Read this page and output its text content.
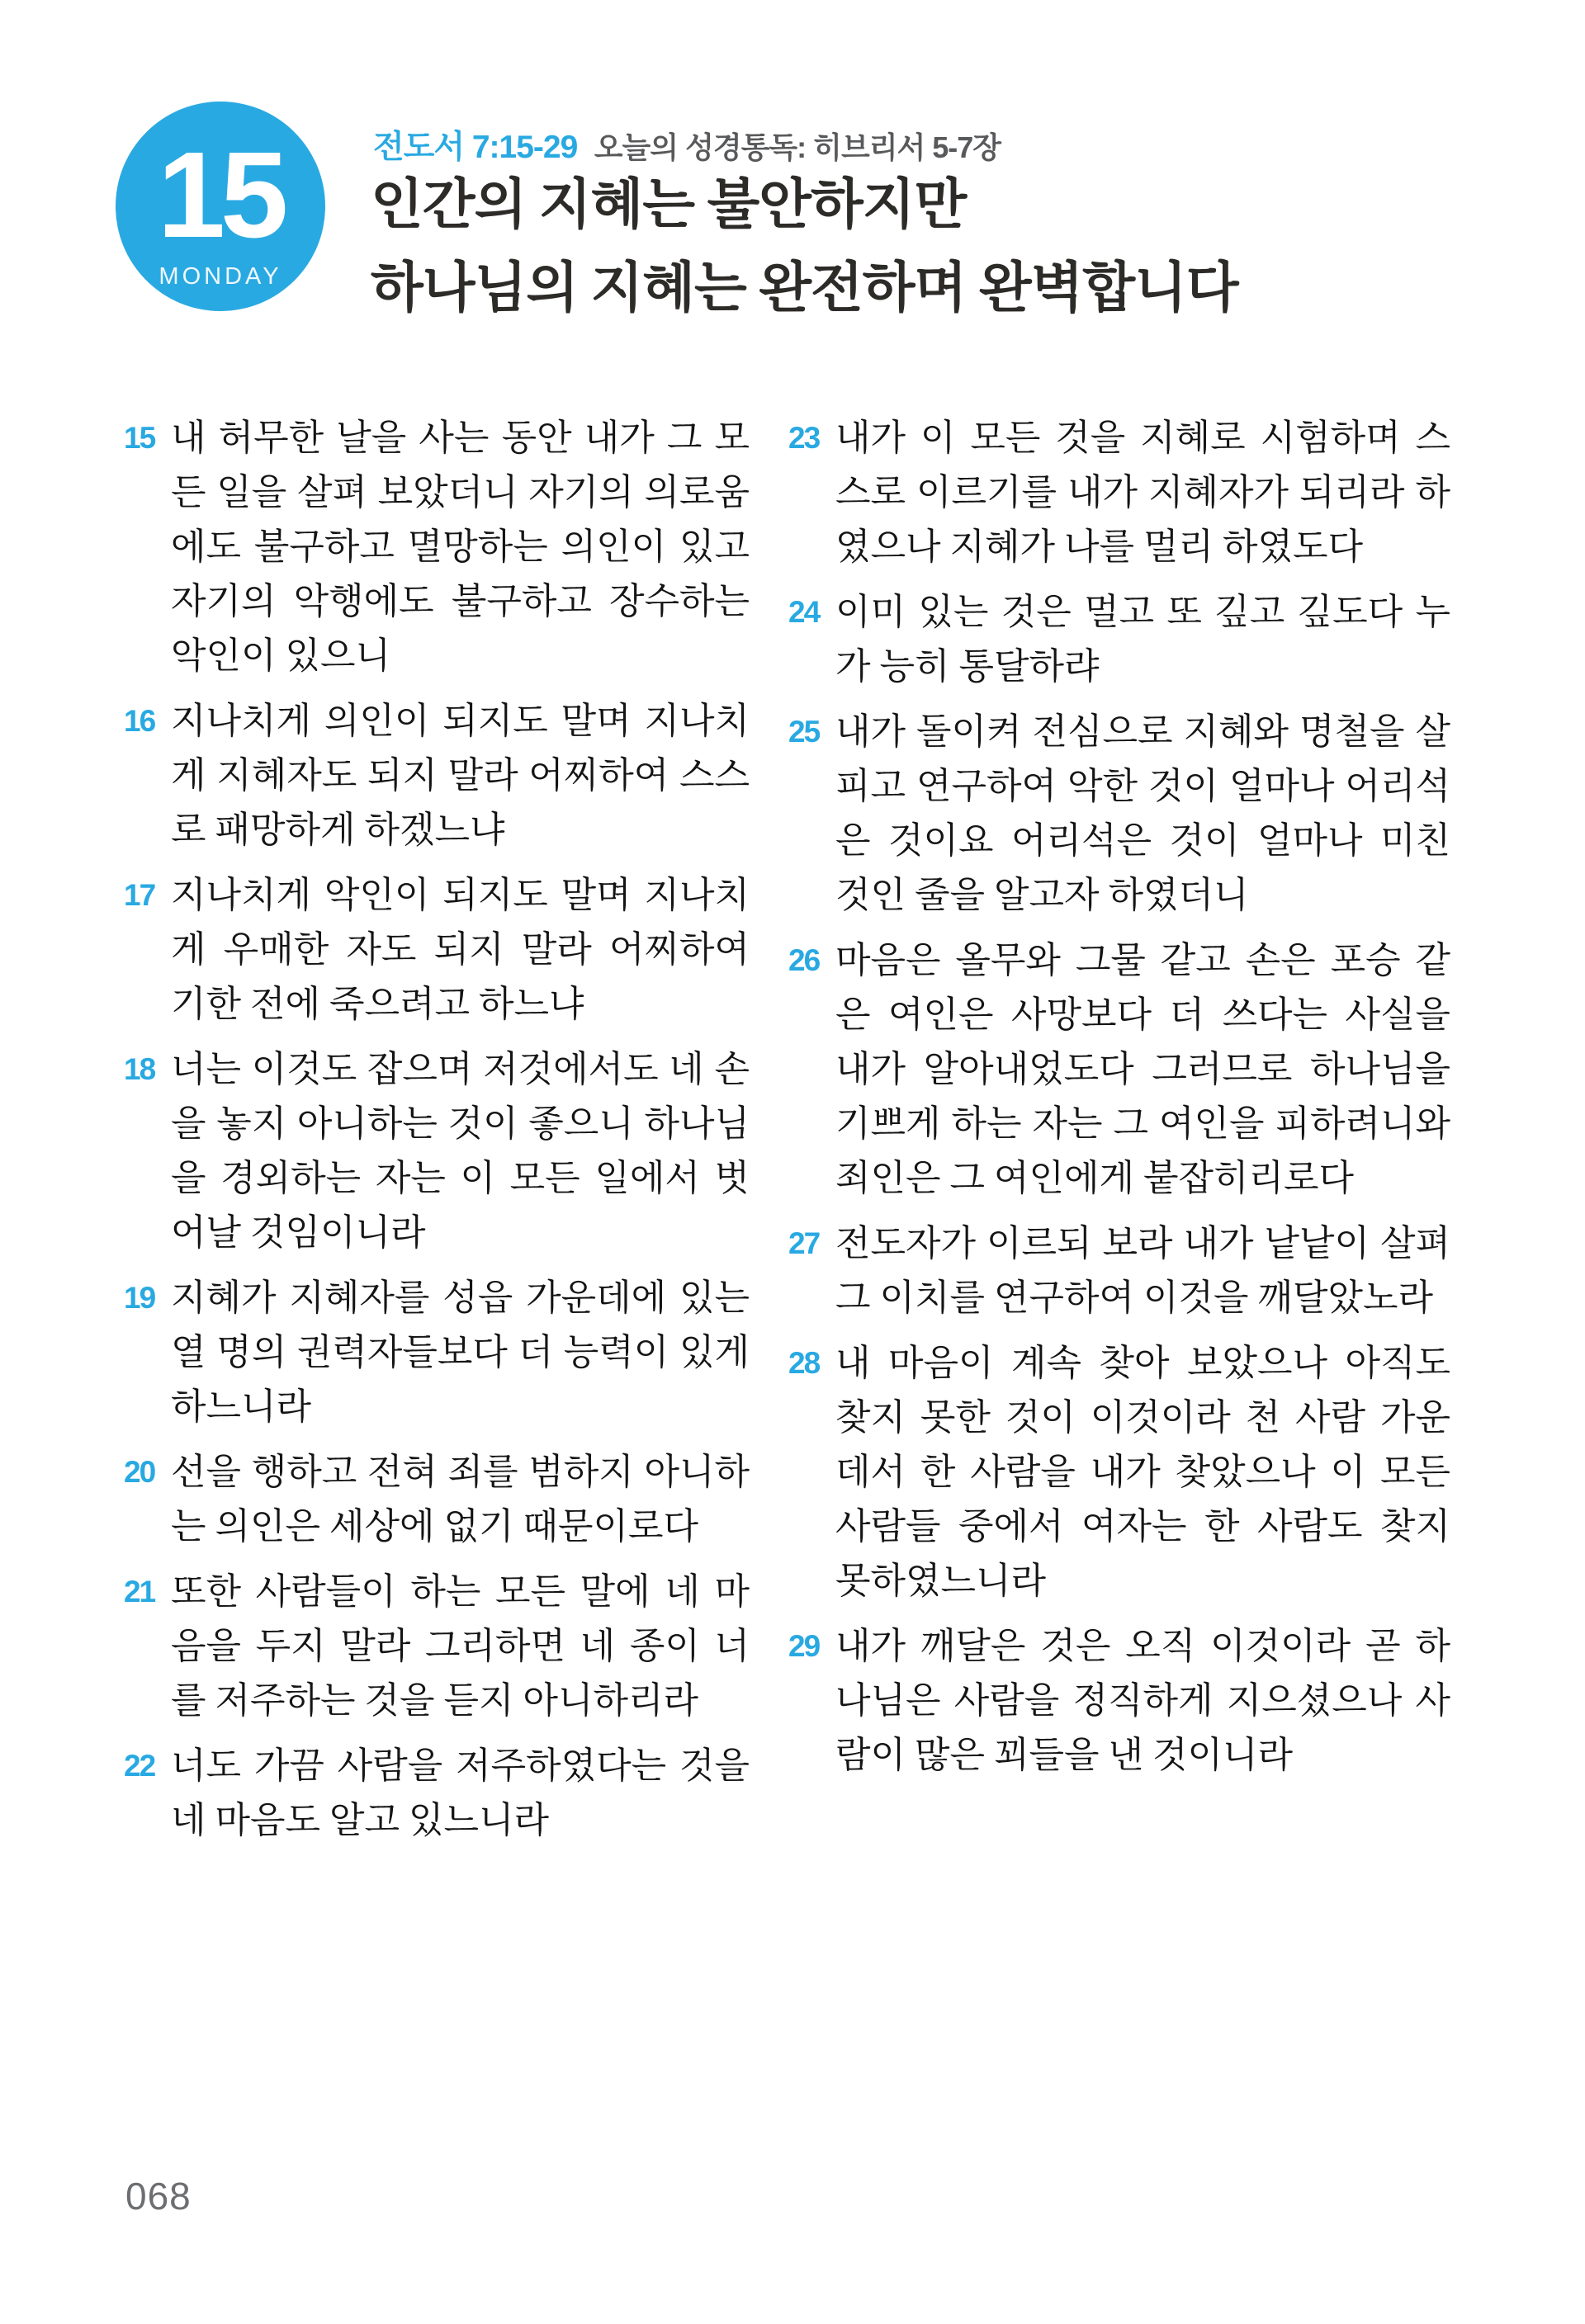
15
MONDAY
전도서 7:15-29 오늘의 성경통독: 히브리서 5-7장
인간의 지혜는 불안하지만
하나님의 지혜는 완전하며 완벽합니다
15 내 허무한 날을 사는 동안 내가 그 모든 일을 살펴 보았더니 자기의 의로움에도 불구하고 멸망하는 의인이 있고 자기의 악행에도 불구하고 장수하는 악인이 있으니
16 지나치게 의인이 되지도 말며 지나치게 지혜자도 되지 말라 어찌하여 스스로 패망하게 하겠느냐
17 지나치게 악인이 되지도 말며 지나치게 우매한 자도 되지 말라 어찌하여 기한 전에 죽으려고 하느냐
18 너는 이것도 잡으며 저것에서도 네 손을 놓지 아니하는 것이 좋으니 하나님을 경외하는 자는 이 모든 일에서 벗어날 것임이니라
19 지혜가 지혜자를 성읍 가운데에 있는 열 명의 권력자들보다 더 능력이 있게 하느니라
20 선을 행하고 전혀 죄를 범하지 아니하는 의인은 세상에 없기 때문이로다
21 또한 사람들이 하는 모든 말에 네 마음을 두지 말라 그리하면 네 종이 너를 저주하는 것을 듣지 아니하리라
22 너도 가끔 사람을 저주하였다는 것을 네 마음도 알고 있느니라
23 내가 이 모든 것을 지혜로 시험하며 스스로 이르기를 내가 지혜자가 되리라 하였으나 지혜가 나를 멀리 하였도다
24 이미 있는 것은 멀고 또 깊고 깊도다 누가 능히 통달하랴
25 내가 돌이켜 전심으로 지혜와 명철을 살피고 연구하여 악한 것이 얼마나 어리석은 것이요 어리석은 것이 얼마나 미친 것인 줄을 알고자 하였더니
26 마음은 올무와 그물 같고 손은 포승 같은 여인은 사망보다 더 쓰다는 사실을 내가 알아내었도다 그러므로 하나님을 기쁘게 하는 자는 그 여인을 피하려니와 죄인은 그 여인에게 붙잡히리로다
27 전도자가 이르되 보라 내가 낱낱이 살펴 그 이치를 연구하여 이것을 깨달았노라
28 내 마음이 계속 찾아 보았으나 아직도 찾지 못한 것이 이것이라 천 사람 가운데서 한 사람을 내가 찾았으나 이 모든 사람들 중에서 여자는 한 사람도 찾지 못하였느니라
29 내가 깨달은 것은 오직 이것이라 곧 하나님은 사람을 정직하게 지으셨으나 사람이 많은 꾀들을 낸 것이니라
068
